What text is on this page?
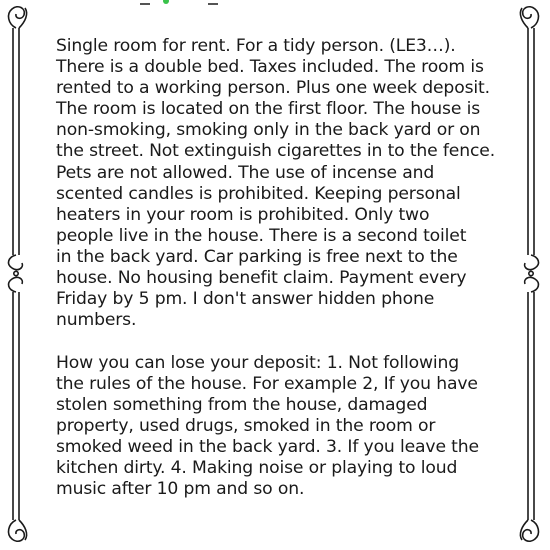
Single room for rent. For a tidy person. (LE3…).
There is a double bed. Taxes included. The room is
rented to a working person. Plus one week deposit.
The room is located on the first floor. The house is
non-smoking, smoking only in the back yard or on
the street. Not extinguish cigarettes in to the fence.
Pets are not allowed. The use of incense and
scented candles is prohibited. Keeping personal
heaters in your room is prohibited. Only two
people live in the house. There is a second toilet
in the back yard. Car parking is free next to the
house. No housing benefit claim. Payment every
Friday by 5 pm. I don't answer hidden phone
numbers.

How you can lose your deposit: 1. Not following
the rules of the house. For example 2, If you have
stolen something from the house, damaged
property, used drugs, smoked in the room or
smoked weed in the back yard. 3. If you leave the
kitchen dirty. 4. Making noise or playing to loud
music after 10 pm and so on.
